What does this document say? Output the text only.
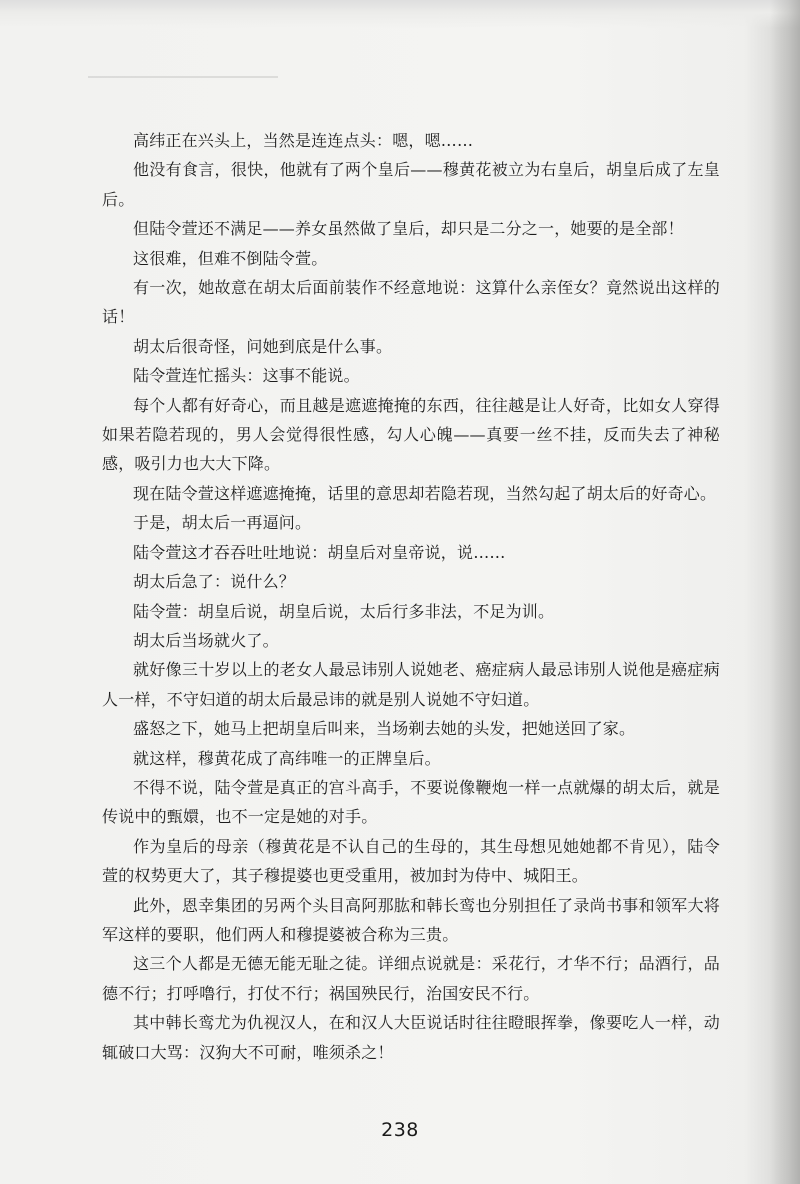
高纬正在兴头上，当然是连连点头：嗯，嗯……

他没有食言，很快，他就有了两个皇后——穆黄花被立为右皇后，胡皇后成了左皇后。

但陆令萱还不满足——养女虽然做了皇后，却只是二分之一，她要的是全部！

这很难，但难不倒陆令萱。

有一次，她故意在胡太后面前装作不经意地说：这算什么亲侄女？竟然说出这样的话！

胡太后很奇怪，问她到底是什么事。

陆令萱连忙摇头：这事不能说。

每个人都有好奇心，而且越是遮遮掩掩的东西，往往越是让人好奇，比如女人穿得如果若隐若现的，男人会觉得很性感，勾人心魄——真要一丝不挂，反而失去了神秘感，吸引力也大大下降。

现在陆令萱这样遮遮掩掩，话里的意思却若隐若现，当然勾起了胡太后的好奇心。

于是，胡太后一再逼问。

陆令萱这才吞吞吐吐地说：胡皇后对皇帝说，说……

胡太后急了：说什么？

陆令萱：胡皇后说，胡皇后说，太后行多非法，不足为训。

胡太后当场就火了。

就好像三十岁以上的老女人最忌讳别人说她老、癌症病人最忌讳别人说他是癌症病人一样，不守妇道的胡太后最忌讳的就是别人说她不守妇道。

盛怒之下，她马上把胡皇后叫来，当场剃去她的头发，把她送回了家。

就这样，穆黄花成了高纬唯一的正牌皇后。

不得不说，陆令萱是真正的宫斗高手，不要说像鞭炮一样一点就爆的胡太后，就是传说中的甄嬛，也不一定是她的对手。

作为皇后的母亲（穆黄花是不认自己的生母的，其生母想见她她都不肯见），陆令萱的权势更大了，其子穆提婆也更受重用，被加封为侍中、城阳王。

此外，恩幸集团的另两个头目高阿那肱和韩长鸾也分别担任了录尚书事和领军大将军这样的要职，他们两人和穆提婆被合称为三贵。

这三个人都是无德无能无耻之徒。详细点说就是：采花行，才华不行；品酒行，品德不行；打呼噜行，打仗不行；祸国殃民行，治国安民不行。

其中韩长鸾尤为仇视汉人，在和汉人大臣说话时往往瞪眼挥拳，像要吃人一样，动辄破口大骂：汉狗大不可耐，唯须杀之！

238
